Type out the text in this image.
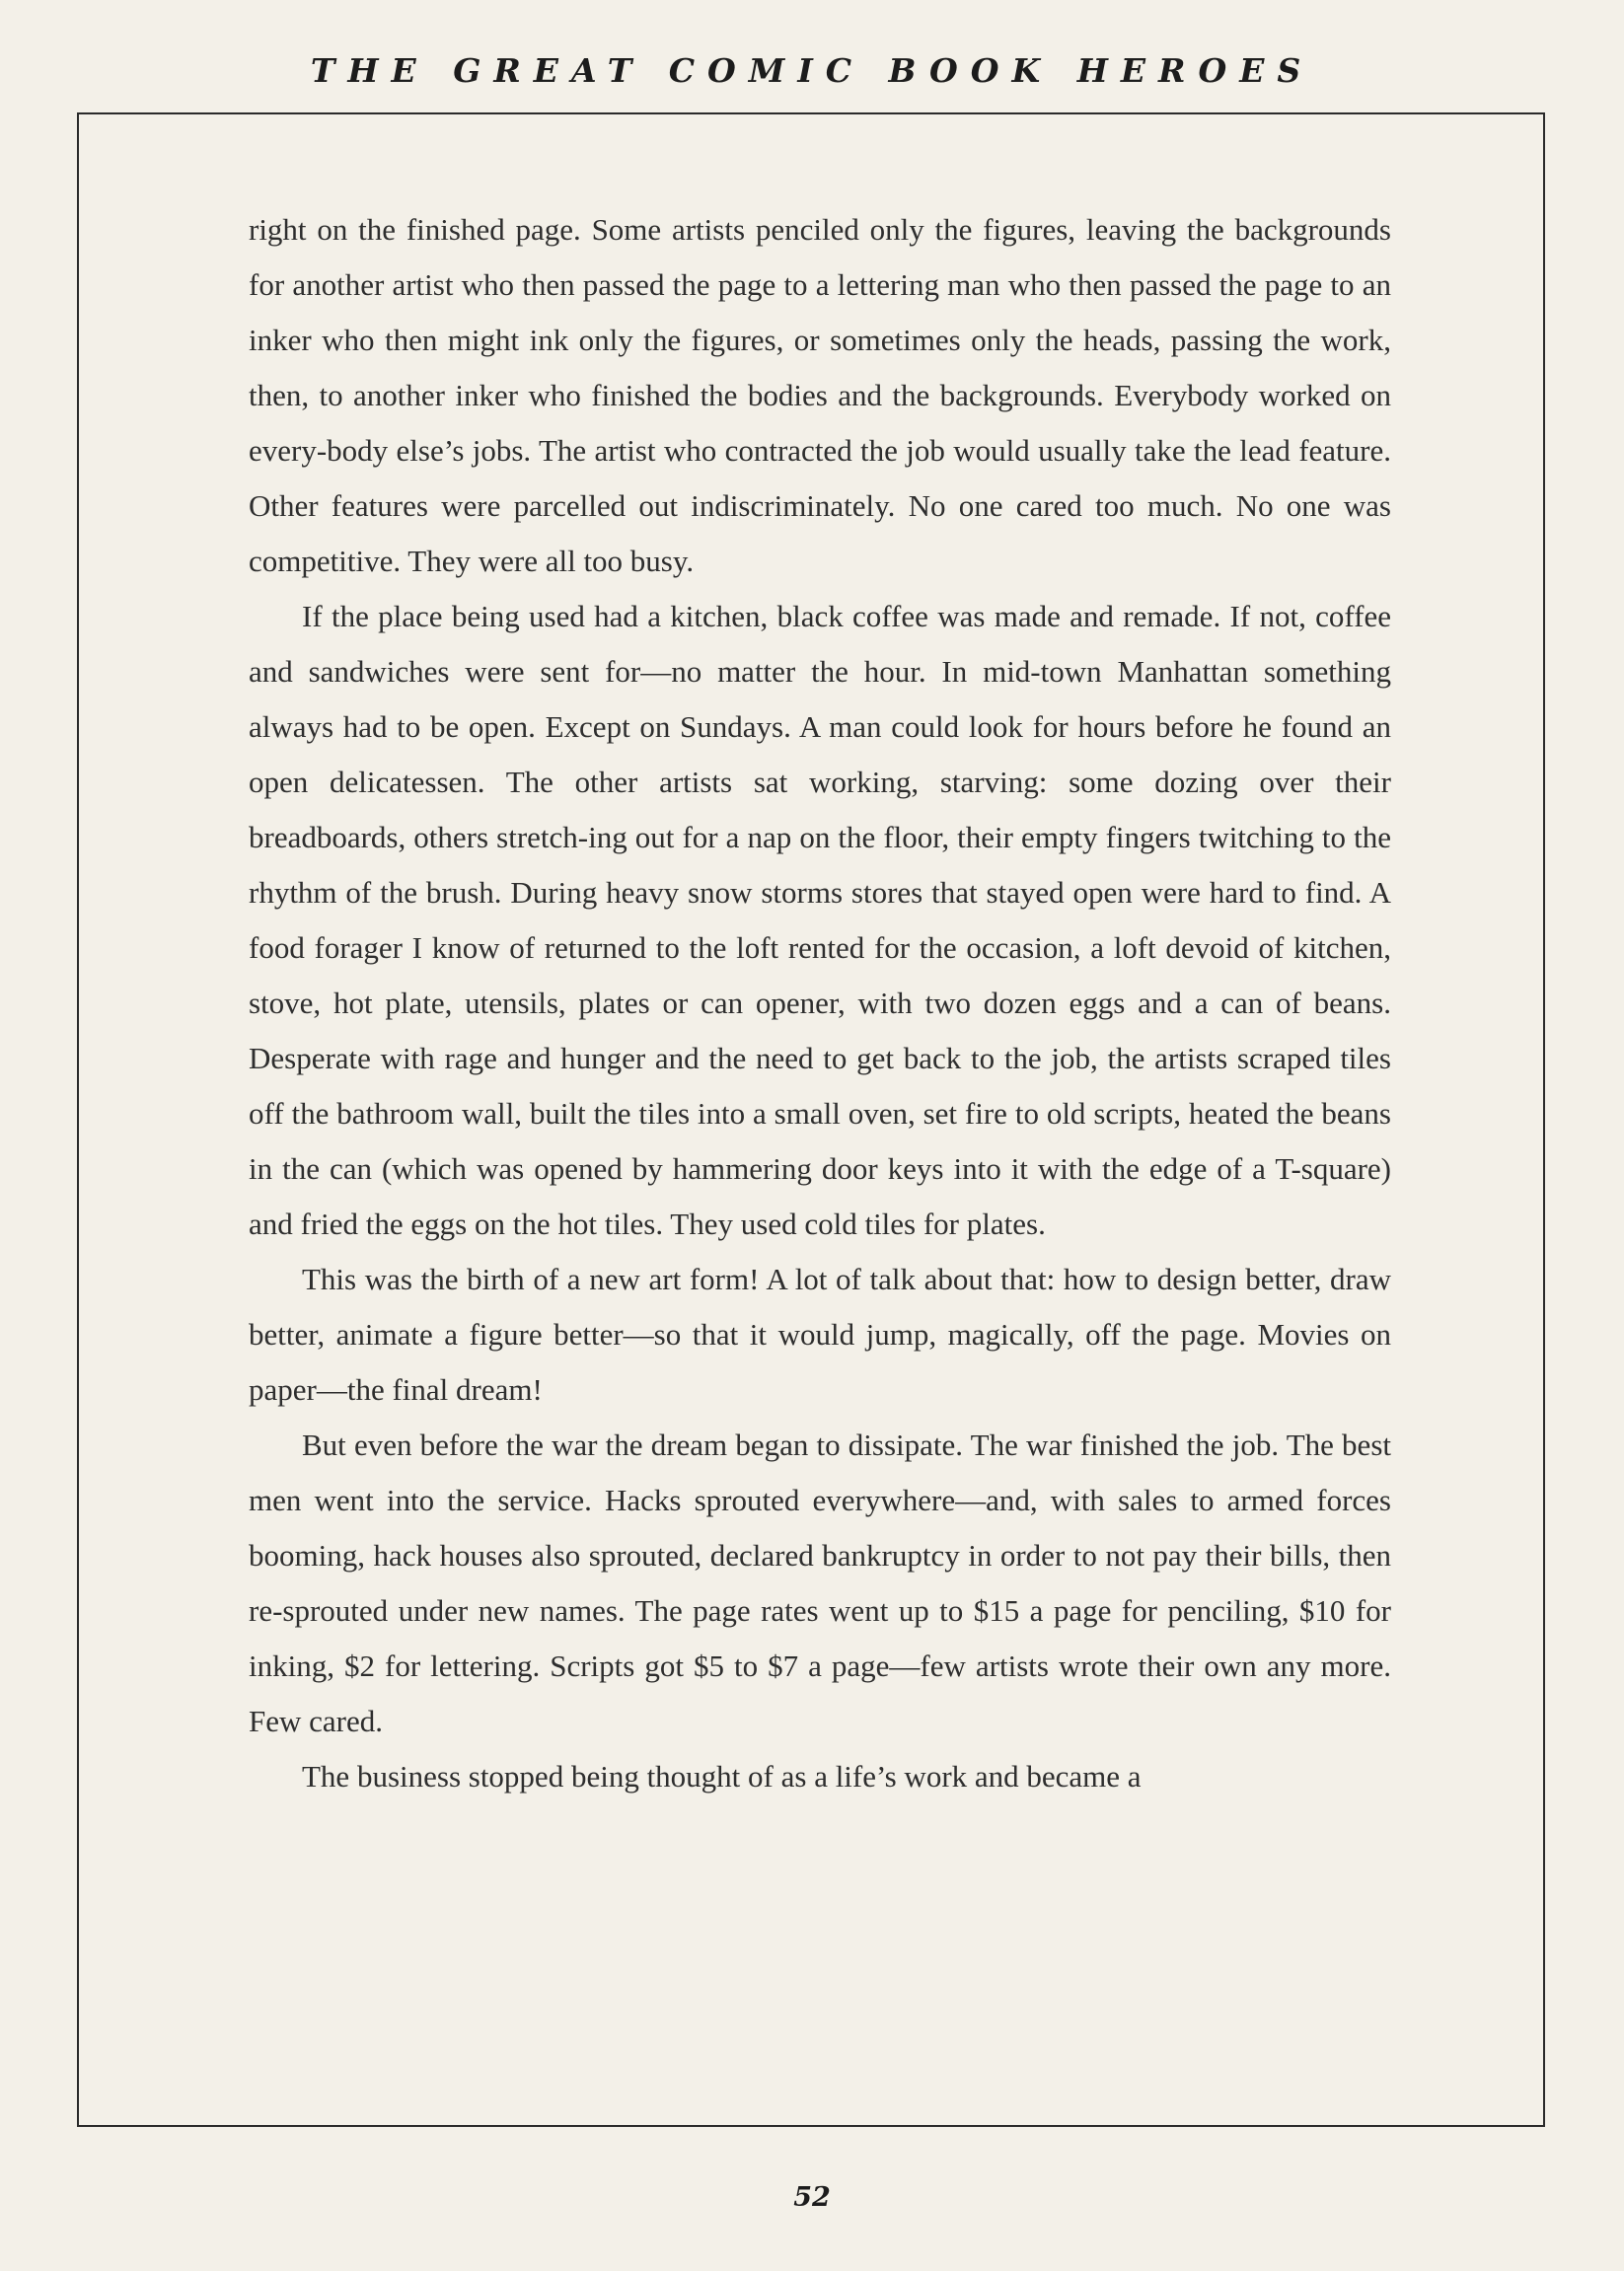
THE GREAT COMIC BOOK HEROES

right on the finished page. Some artists penciled only the figures, leaving the backgrounds for another artist who then passed the page to a lettering man who then passed the page to an inker who then might ink only the figures, or sometimes only the heads, passing the work, then, to another inker who finished the bodies and the backgrounds. Everybody worked on every-body else’s jobs. The artist who contracted the job would usually take the lead feature. Other features were parcelled out indiscriminately. No one cared too much. No one was competitive. They were all too busy.

If the place being used had a kitchen, black coffee was made and remade. If not, coffee and sandwiches were sent for—no matter the hour. In mid-town Manhattan something always had to be open. Except on Sundays. A man could look for hours before he found an open delicatessen. The other artists sat working, starving: some dozing over their breadboards, others stretch-ing out for a nap on the floor, their empty fingers twitching to the rhythm of the brush. During heavy snow storms stores that stayed open were hard to find. A food forager I know of returned to the loft rented for the occasion, a loft devoid of kitchen, stove, hot plate, utensils, plates or can opener, with two dozen eggs and a can of beans. Desperate with rage and hunger and the need to get back to the job, the artists scraped tiles off the bathroom wall, built the tiles into a small oven, set fire to old scripts, heated the beans in the can (which was opened by hammering door keys into it with the edge of a T-square) and fried the eggs on the hot tiles. They used cold tiles for plates.

This was the birth of a new art form! A lot of talk about that: how to design better, draw better, animate a figure better—so that it would jump, magically, off the page. Movies on paper—the final dream!

But even before the war the dream began to dissipate. The war finished the job. The best men went into the service. Hacks sprouted everywhere—and, with sales to armed forces booming, hack houses also sprouted, declared bankruptcy in order to not pay their bills, then re-sprouted under new names. The page rates went up to $15 a page for penciling, $10 for inking, $2 for lettering. Scripts got $5 to $7 a page—few artists wrote their own any more. Few cared.

The business stopped being thought of as a life’s work and became a

52
